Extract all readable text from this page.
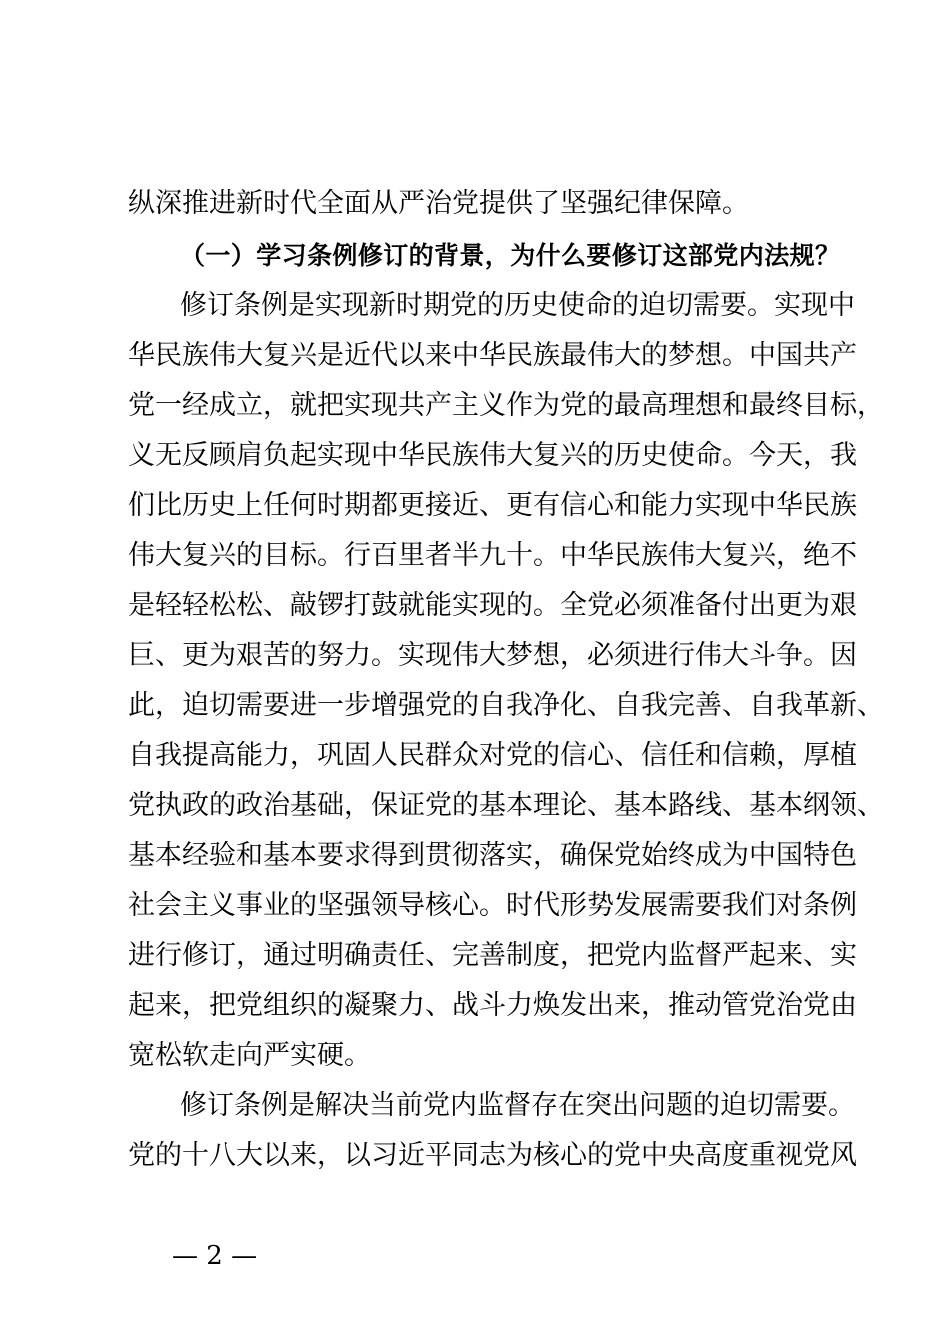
纵深推进新时代全面从严治党提供了坚强纪律保障。
（一）学习条例修订的背景，为什么要修订这部党内法规？
修订条例是实现新时期党的历史使命的迫切需要。实现中
华民族伟大复兴是近代以来中华民族最伟大的梦想。中国共产
党一经成立，就把实现共产主义作为党的最高理想和最终目标，
义无反顾肩负起实现中华民族伟大复兴的历史使命。今天，我
们比历史上任何时期都更接近、更有信心和能力实现中华民族
伟大复兴的目标。行百里者半九十。中华民族伟大复兴，绝不
是轻轻松松、敲锣打鼓就能实现的。全党必须准备付出更为艰
巨、更为艰苦的努力。实现伟大梦想，必须进行伟大斗争。因
此，迫切需要进一步增强党的自我净化、自我完善、自我革新、
自我提高能力，巩固人民群众对党的信心、信任和信赖，厚植
党执政的政治基础，保证党的基本理论、基本路线、基本纲领、
基本经验和基本要求得到贯彻落实，确保党始终成为中国特色
社会主义事业的坚强领导核心。时代形势发展需要我们对条例
进行修订，通过明确责任、完善制度，把党内监督严起来、实
起来，把党组织的凝聚力、战斗力焕发出来，推动管党治党由
宽松软走向严实硬。
修订条例是解决当前党内监督存在突出问题的迫切需要。
党的十八大以来，以习近平同志为核心的党中央高度重视党风
— 2 —
